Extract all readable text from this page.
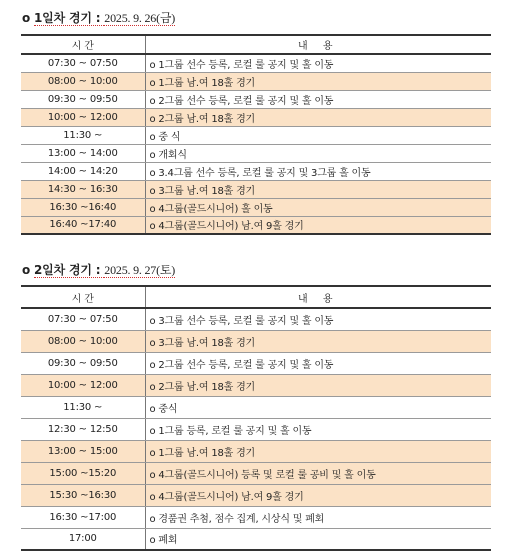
o 1일차 경기 : 2025. 9. 26(금)
시 간	내 용
07:30 ~ 07:50	o 1그룹 선수 등록, 로컬 룰 공지 및 홀 이동
08:00 ~ 10:00	o 1그룹 남.여 18홀 경기
09:30 ~ 09:50	o 2그룹 선수 등록, 로컬 룰 공지 및 홀 이동
10:00 ~ 12:00	o 2그룹 남.여 18홀 경기
11:30 ~	o 중 식
13:00 ~ 14:00	o 개회식
14:00 ~ 14:20	o 3.4그룹 선수 등록, 로컬 룰 공지 및 3그룹 홀 이동
14:30 ~ 16:30	o 3그룹 남.여 18홀 경기
16:30 ~16:40	o 4그룹(골드시니어) 홀 이동
16:40 ~17:40	o 4그룹(골드시니어) 남.여 9홀 경기
o 2일차 경기 : 2025. 9. 27(토)
시 간	내 용
07:30 ~ 07:50	o 3그룹 선수 등록, 로컬 룰 공지 및 홀 이동
08:00 ~ 10:00	o 3그룹 남.여 18홀 경기
09:30 ~ 09:50	o 2그룹 선수 등록, 로컬 룰 공지 및 홀 이동
10:00 ~ 12:00	o 2그룹 남.여 18홀 경기
11:30 ~	o 중식
12:30 ~ 12:50	o 1그룹 등록, 로컬 룰 공지 및 홀 이동
13:00 ~ 15:00	o 1그룹 남.여 18홀 경기
15:00 ~15:20	o 4그룹(골드시니어) 등록 및 로컬 룰 공비 및 홀 이동
15:30 ~16:30	o 4그룹(골드시니어) 남.여 9홀 경기
16:30 ~17:00	o 경품권 추첨, 점수 집계, 시상식 및 폐회
17:00	o 폐회
